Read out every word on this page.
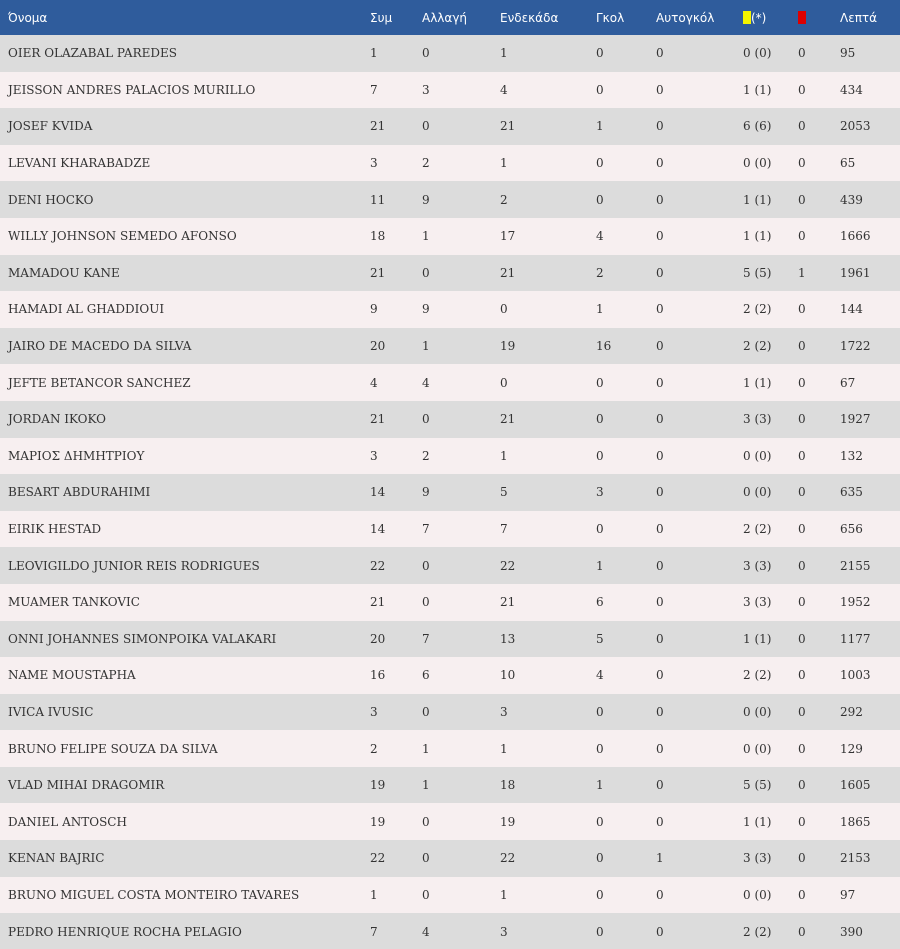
Όνομα	Συμ	Αλλαγή	Ενδεκάδα	Γκολ	Αυτογκόλ	(*)		Λεπτά
OIER OLAZABAL PAREDES	1	0	1	0	0	0 (0)	0	95
JEISSON ANDRES PALACIOS MURILLO	7	3	4	0	0	1 (1)	0	434
JOSEF KVIDA	21	0	21	1	0	6 (6)	0	2053
LEVANI KHARABADZE	3	2	1	0	0	0 (0)	0	65
DENI HOCKO	11	9	2	0	0	1 (1)	0	439
WILLY JOHNSON SEMEDO AFONSO	18	1	17	4	0	1 (1)	0	1666
MAMADOU KANE	21	0	21	2	0	5 (5)	1	1961
HAMADI AL GHADDIOUI	9	9	0	1	0	2 (2)	0	144
JAIRO DE MACEDO DA SILVA	20	1	19	16	0	2 (2)	0	1722
JEFTE BETANCOR SANCHEZ	4	4	0	0	0	1 (1)	0	67
JORDAN IKOKO	21	0	21	0	0	3 (3)	0	1927
ΜΑΡΙΟΣ ΔΗΜΗΤΡΙΟΥ	3	2	1	0	0	0 (0)	0	132
BESART ABDURAHIMI	14	9	5	3	0	0 (0)	0	635
EIRIK HESTAD	14	7	7	0	0	2 (2)	0	656
LEOVIGILDO JUNIOR REIS RODRIGUES	22	0	22	1	0	3 (3)	0	2155
MUAMER TANKOVIC	21	0	21	6	0	3 (3)	0	1952
ONNI JOHANNES SIMONPOIKA VALAKARI	20	7	13	5	0	1 (1)	0	1177
NAME MOUSTAPHA	16	6	10	4	0	2 (2)	0	1003
IVICA IVUSIC	3	0	3	0	0	0 (0)	0	292
BRUNO FELIPE SOUZA DA SILVA	2	1	1	0	0	0 (0)	0	129
VLAD MIHAI DRAGOMIR	19	1	18	1	0	5 (5)	0	1605
DANIEL ANTOSCH	19	0	19	0	0	1 (1)	0	1865
KENAN BAJRIC	22	0	22	0	1	3 (3)	0	2153
BRUNO MIGUEL COSTA MONTEIRO TAVARES	1	0	1	0	0	0 (0)	0	97
PEDRO HENRIQUE ROCHA PELAGIO	7	4	3	0	0	2 (2)	0	390
